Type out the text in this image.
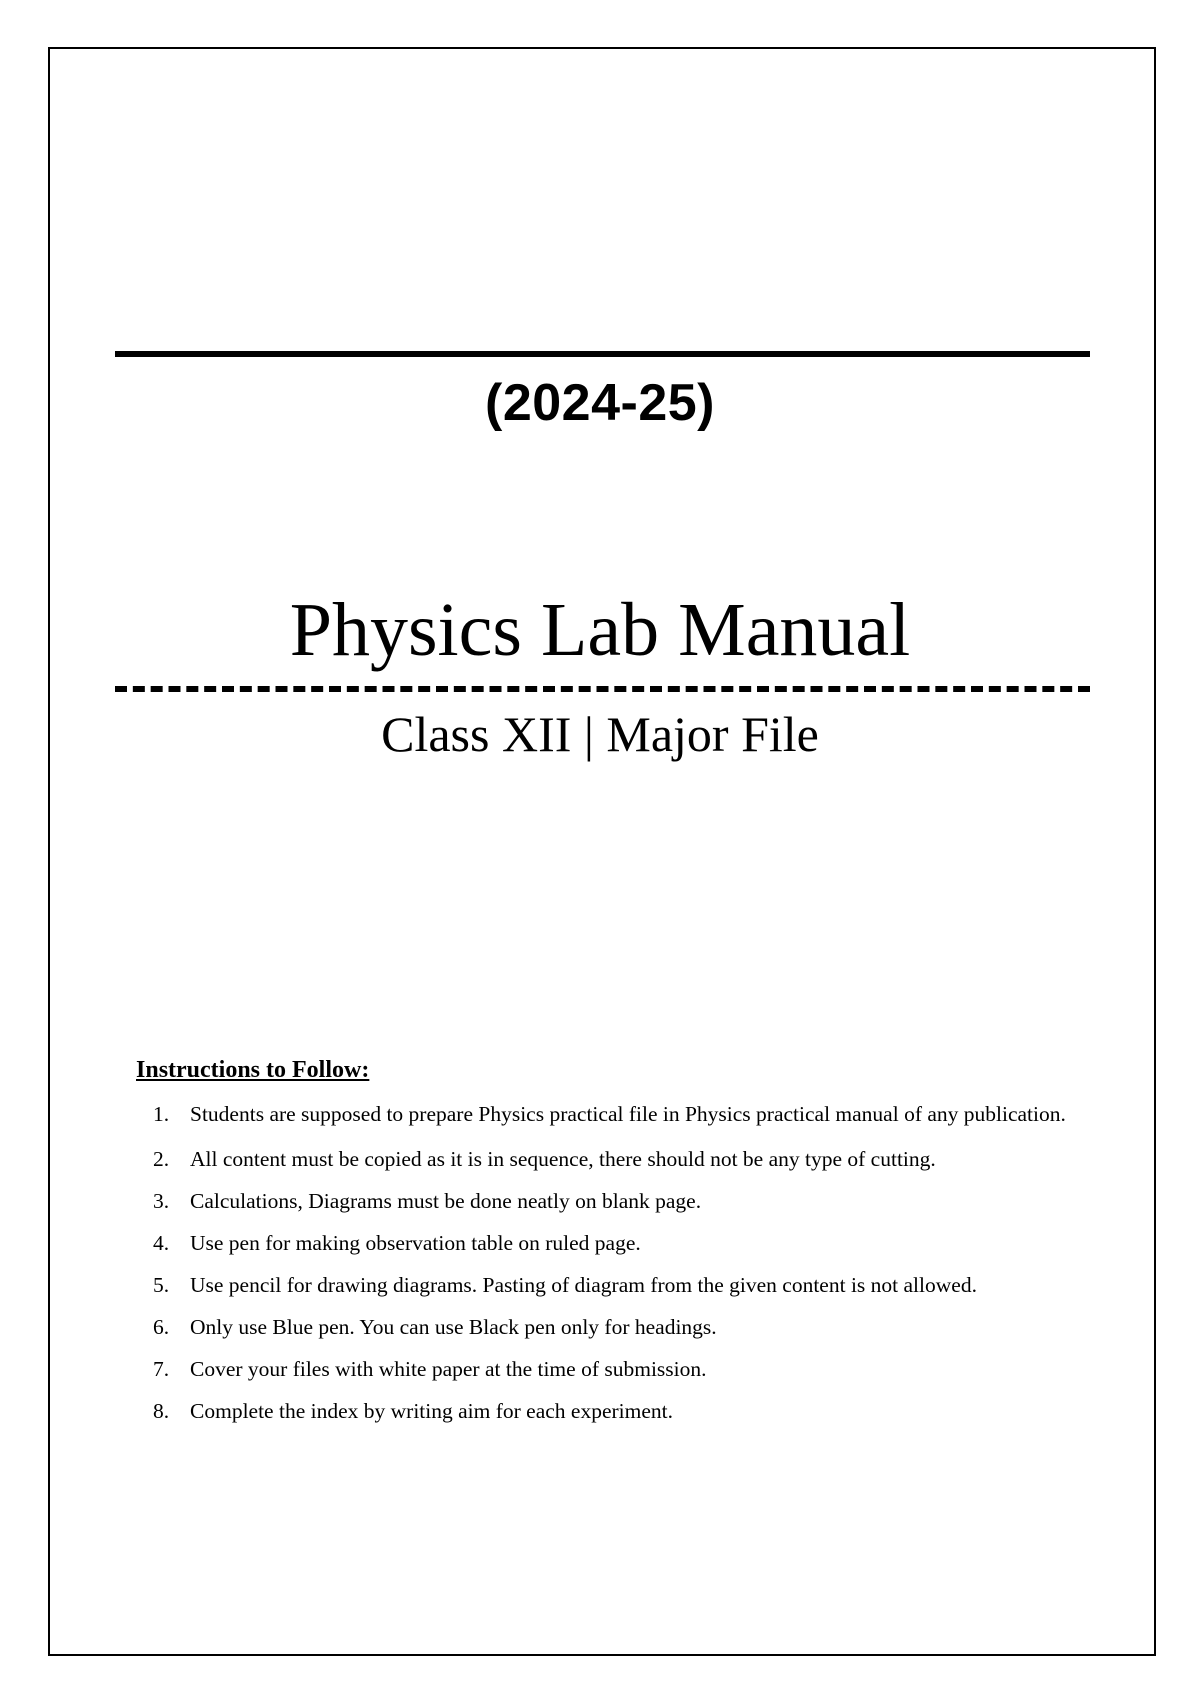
(2024-25)
Physics Lab Manual
Class XII | Major File
Instructions to Follow:
1. Students are supposed to prepare Physics practical file in Physics practical manual of any publication.
2. All content must be copied as it is in sequence, there should not be any type of cutting.
3. Calculations, Diagrams must be done neatly on blank page.
4. Use pen for making observation table on ruled page.
5. Use pencil for drawing diagrams. Pasting of diagram from the given content is not allowed.
6. Only use Blue pen. You can use Black pen only for headings.
7. Cover your files with white paper at the time of submission.
8. Complete the index by writing aim for each experiment.
